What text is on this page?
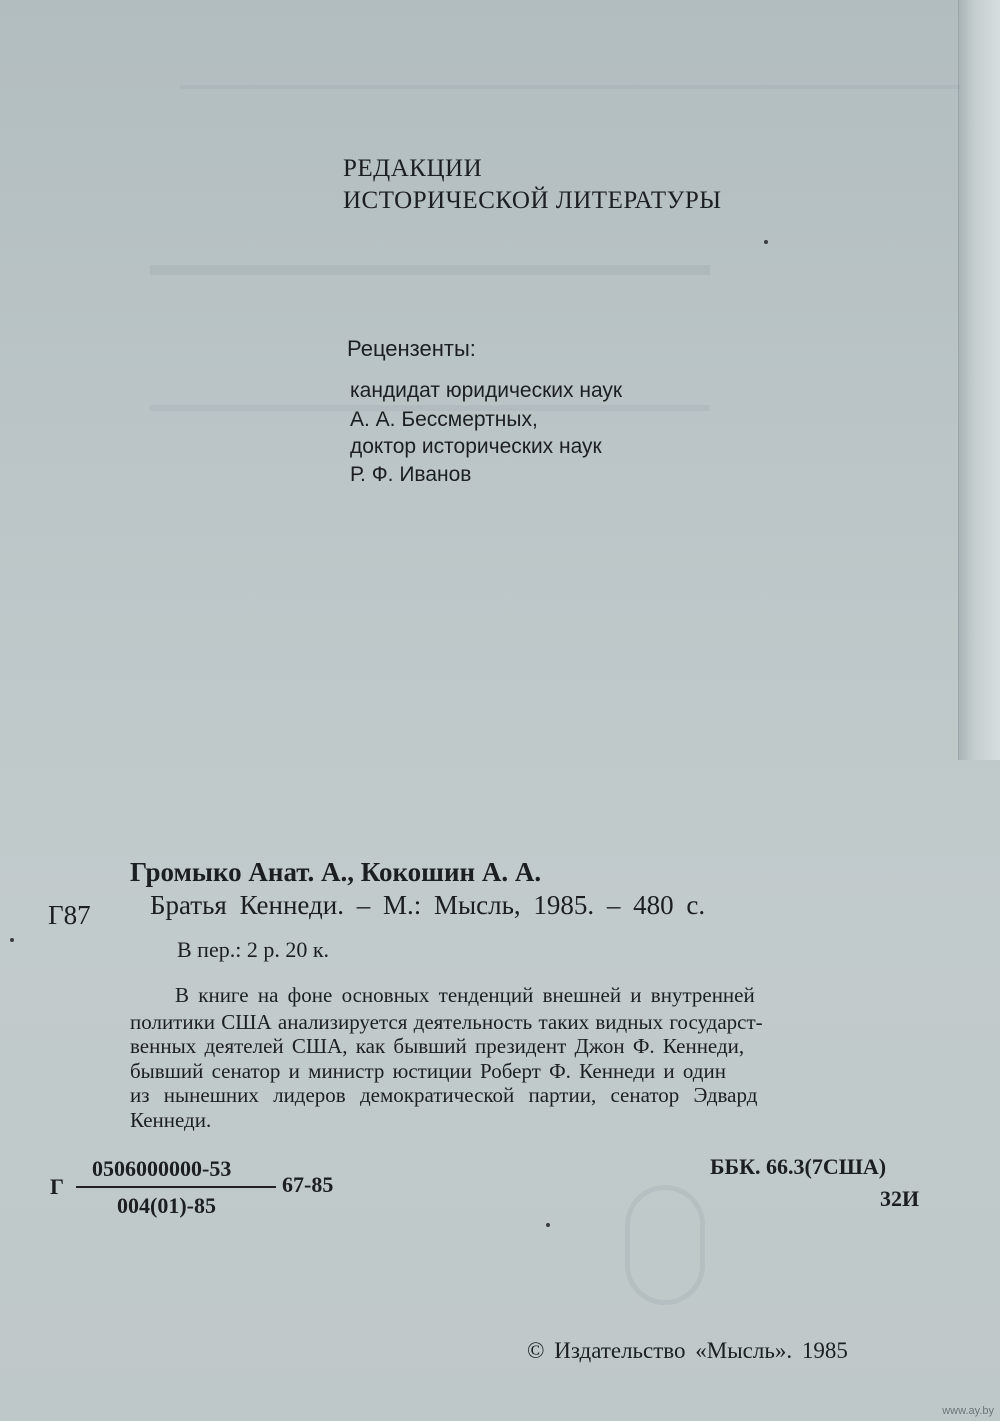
РЕДАКЦИИ
ИСТОРИЧЕСКОЙ ЛИТЕРАТУРЫ
Рецензенты:
кандидат юридических наук
А. А. Бессмертных,
доктор исторических наук
Р. Ф. Иванов
Громыко Анат. А., Кокошин А. А.
Г87 Братья Кеннеди. – М.: Мысль, 1985. – 480 с.
В пер.: 2 р. 20 к.
В книге на фоне основных тенденций внешней и внутренней
политики США анализируется деятельность таких видных государст-
венных деятелей США, как бывший президент Джон Ф. Кеннеди,
бывший сенатор и министр юстиции Роберт Ф. Кеннеди и один
из нынешних лидеров демократической партии, сенатор Эдвард
Кеннеди.
Г
0506000000-53
004(01)-85
67-85
ББК. 66.3(7США)
32И
© Издательство «Мысль». 1985
www.ay.by
